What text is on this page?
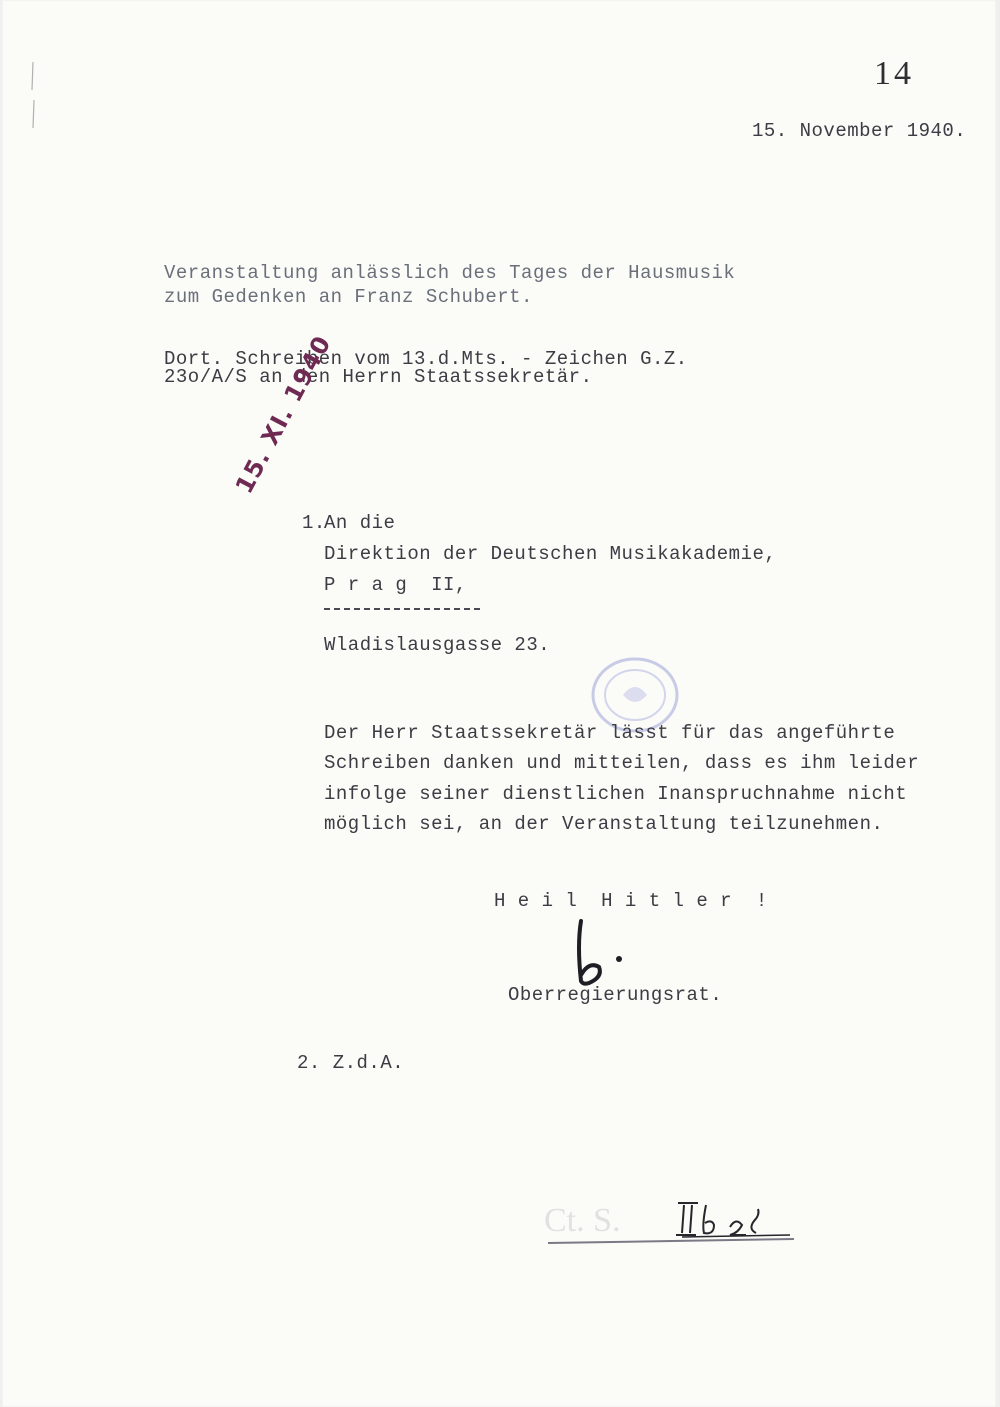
14
15. November 1940.
Veranstaltung anlässlich des Tages der Hausmusik
zum Gedenken an Franz Schubert.
Dort. Schreiben vom 13.d.Mts. - Zeichen G.Z.
23o/A/S an den Herrn Staatssekretär.
15. XI. 1940
1.
An die
Direktion der Deutschen Musikakademie,
P r a g  II,
Wladislausgasse 23.
Der Herr Staatssekretär lässt für das angeführte
Schreiben danken und mitteilen, dass es ihm leider
infolge seiner dienstlichen Inanspruchnahme nicht
möglich sei, an der Veranstaltung teilzunehmen.
H e i l  H i t l e r  !
Oberregierungsrat.
2. Z.d.A.
Ct. S.
